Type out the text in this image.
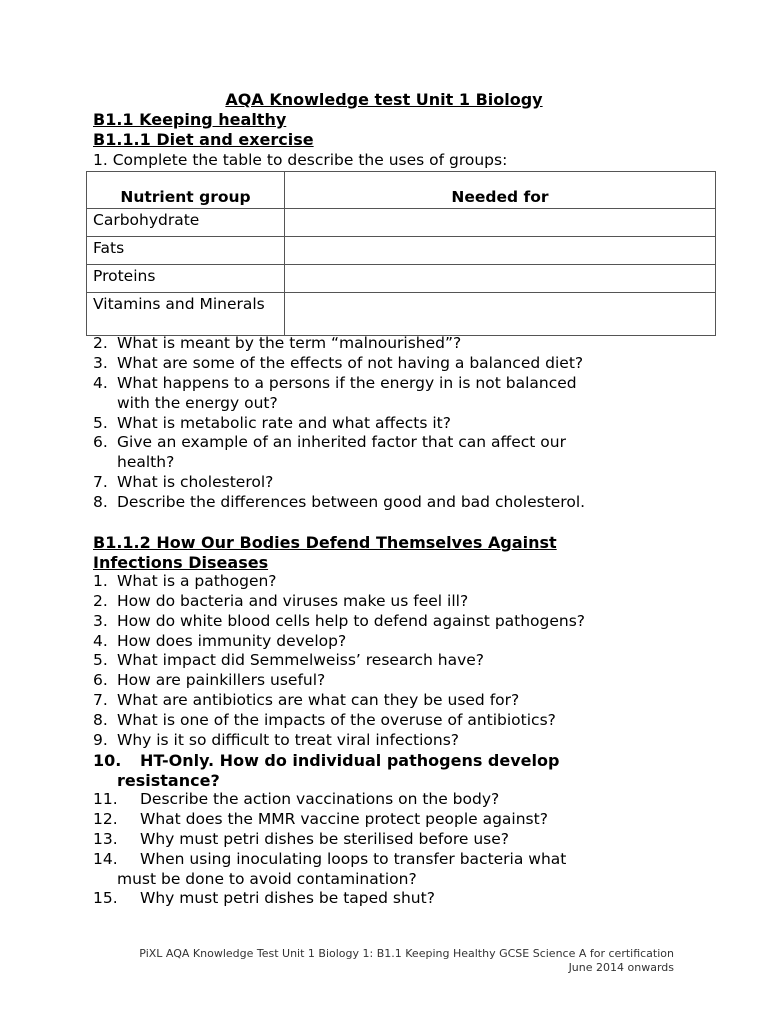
AQA Knowledge test Unit 1 Biology
B1.1 Keeping healthy
B1.1.1 Diet and exercise
1. Complete the table to describe the uses of groups:
Nutrient group	Needed for
Carbohydrate	
Fats	
Proteins	
Vitamins and Minerals	
2. What is meant by the term “malnourished”?
3. What are some of the effects of not having a balanced diet?
4. What happens to a persons if the energy in is not balanced
with the energy out?
5. What is metabolic rate and what affects it?
6. Give an example of an inherited factor that can affect our
health?
7. What is cholesterol?
8. Describe the differences between good and bad cholesterol.
B1.1.2 How Our Bodies Defend Themselves Against
Infections Diseases
1. What is a pathogen?
2. How do bacteria and viruses make us feel ill?
3. How do white blood cells help to defend against pathogens?
4. How does immunity develop?
5. What impact did Semmelweiss’ research have?
6. How are painkillers useful?
7. What are antibiotics are what can they be used for?
8. What is one of the impacts of the overuse of antibiotics?
9. Why is it so difficult to treat viral infections?
10. HT-Only. How do individual pathogens develop
resistance?
11. Describe the action vaccinations on the body?
12. What does the MMR vaccine protect people against?
13. Why must petri dishes be sterilised before use?
14. When using inoculating loops to transfer bacteria what
must be done to avoid contamination?
15. Why must petri dishes be taped shut?
PiXL AQA Knowledge Test Unit 1 Biology 1: B1.1 Keeping Healthy GCSE Science A for certification
June 2014 onwards
